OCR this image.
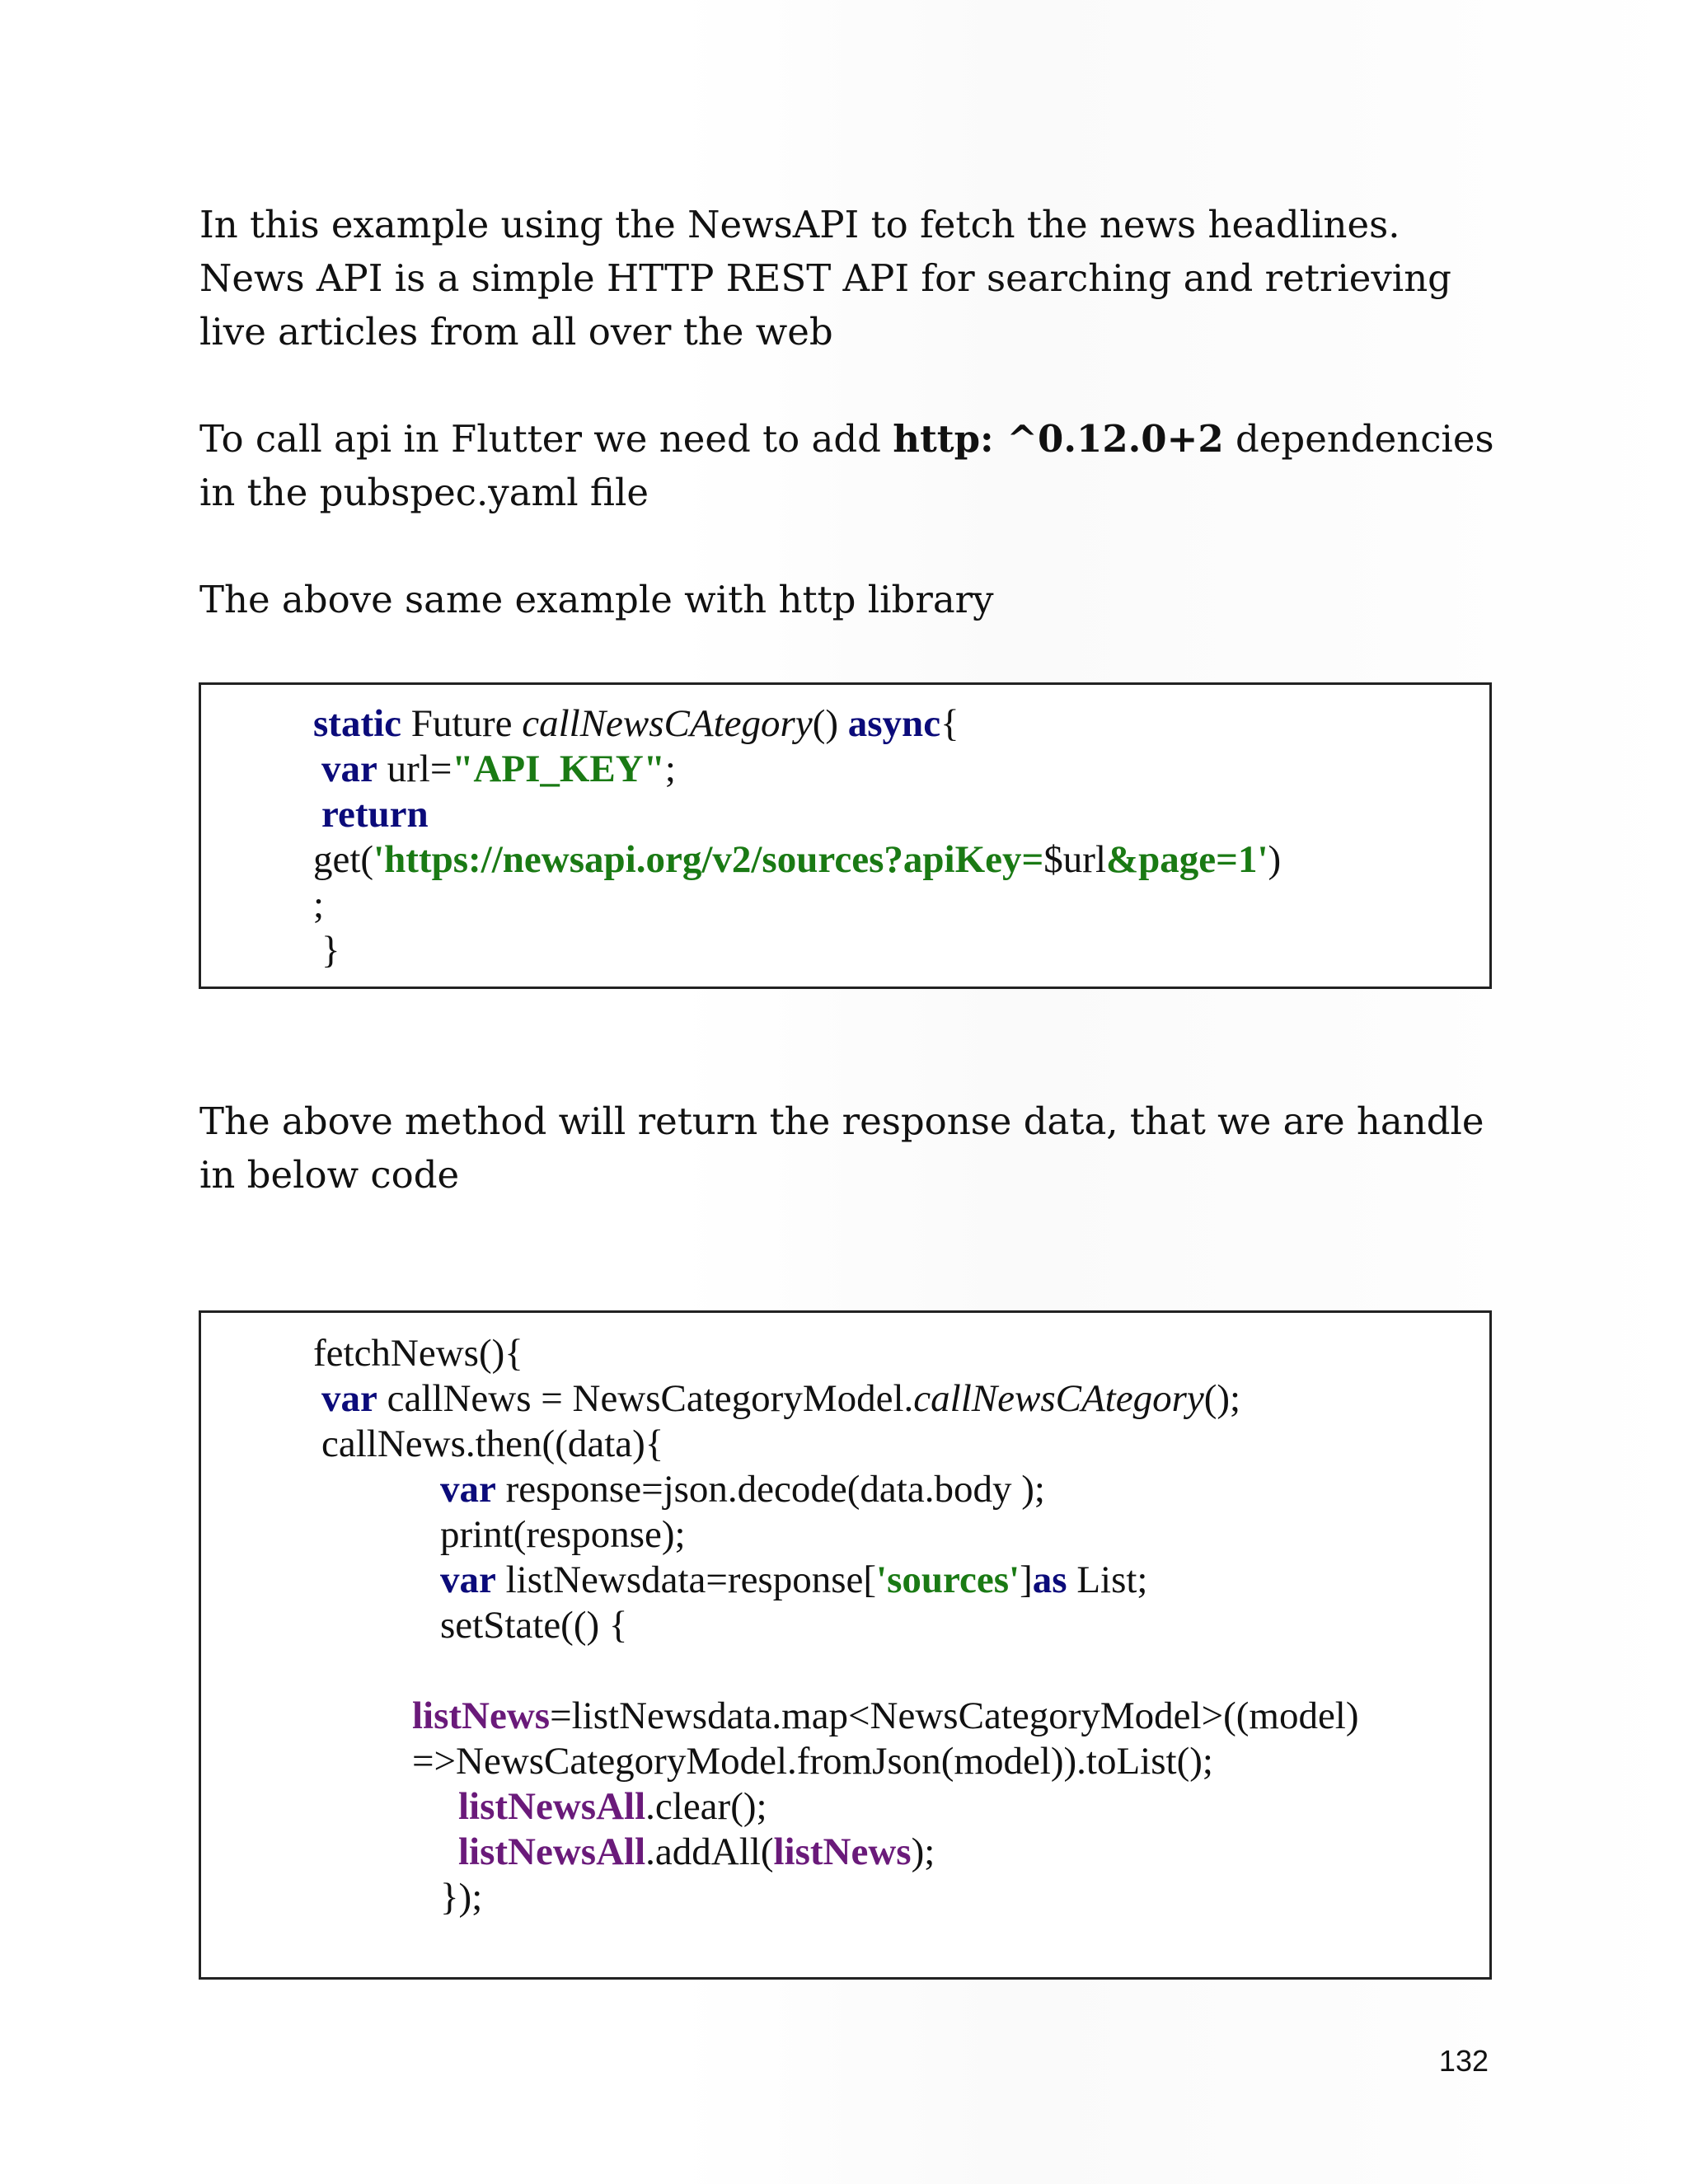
In this example using the NewsAPI to fetch the news headlines. News API is a simple HTTP REST API for searching and retrieving live articles from all over the web

To call api in Flutter we need to add http: ^0.12.0+2 dependencies in the pubspec.yaml file

The above same example with http library

static Future callNewsCAtegory() async{
var url="API_KEY";
return
get('https://newsapi.org/v2/sources?apiKey=$url&page=1')
;
}

The above method will return the response data, that we are handle in below code

fetchNews(){
var callNews = NewsCategoryModel.callNewsCAtegory();
callNews.then((data){
var response=json.decode(data.body );
print(response);
var listNewsdata=response['sources']as List;
setState(() {
listNews=listNewsdata.map<NewsCategoryModel>((model)
=>NewsCategoryModel.fromJson(model)).toList();
listNewsAll.clear();
listNewsAll.addAll(listNews);
});
132
